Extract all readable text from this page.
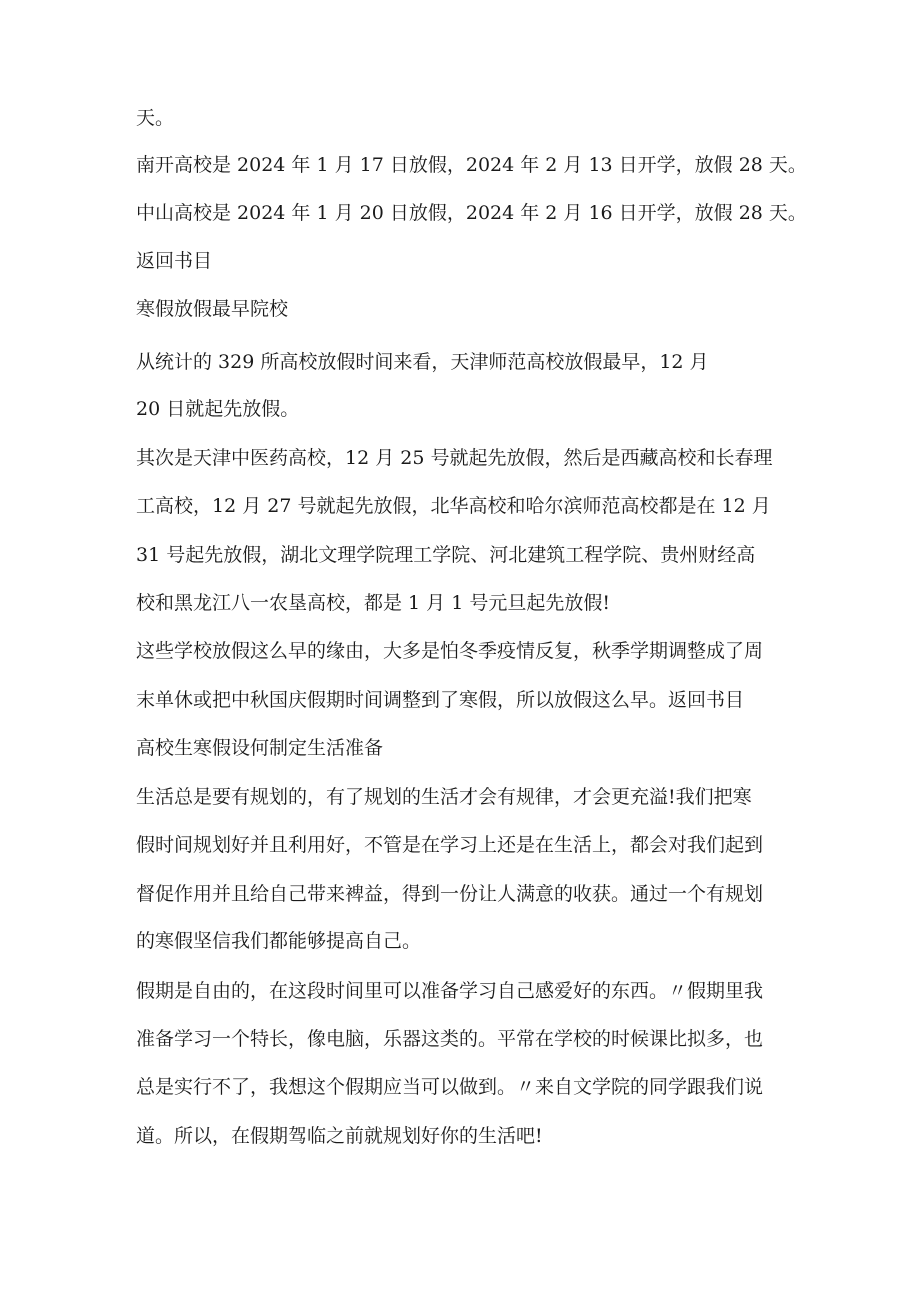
天。
南开高校是 2024 年 1 月 17 日放假，2024 年 2 月 13 日开学，放假 28 天。
中山高校是 2024 年 1 月 20 日放假，2024 年 2 月 16 日开学，放假 28 天。
返回书目
寒假放假最早院校
从统计的 329 所高校放假时间来看，天津师范高校放假最早，12 月
20 日就起先放假。
其次是天津中医药高校，12 月 25 号就起先放假，然后是西藏高校和长春理
工高校，12 月 27 号就起先放假，北华高校和哈尔滨师范高校都是在 12 月
31 号起先放假，湖北文理学院理工学院、河北建筑工程学院、贵州财经高
校和黑龙江八一农垦高校，都是 1 月 1 号元旦起先放假!
这些学校放假这么早的缘由，大多是怕冬季疫情反复，秋季学期调整成了周
末单休或把中秋国庆假期时间调整到了寒假，所以放假这么早。返回书目
高校生寒假设何制定生活准备
生活总是要有规划的，有了规划的生活才会有规律，才会更充溢!我们把寒
假时间规划好并且利用好，不管是在学习上还是在生活上，都会对我们起到
督促作用并且给自己带来裨益，得到一份让人满意的收获。通过一个有规划
的寒假坚信我们都能够提高自己。
假期是自由的，在这段时间里可以准备学习自己感爱好的东西。〃假期里我
准备学习一个特长，像电脑，乐器这类的。平常在学校的时候课比拟多，也
总是实行不了，我想这个假期应当可以做到。〃来自文学院的同学跟我们说
道。所以，在假期驾临之前就规划好你的生活吧!
